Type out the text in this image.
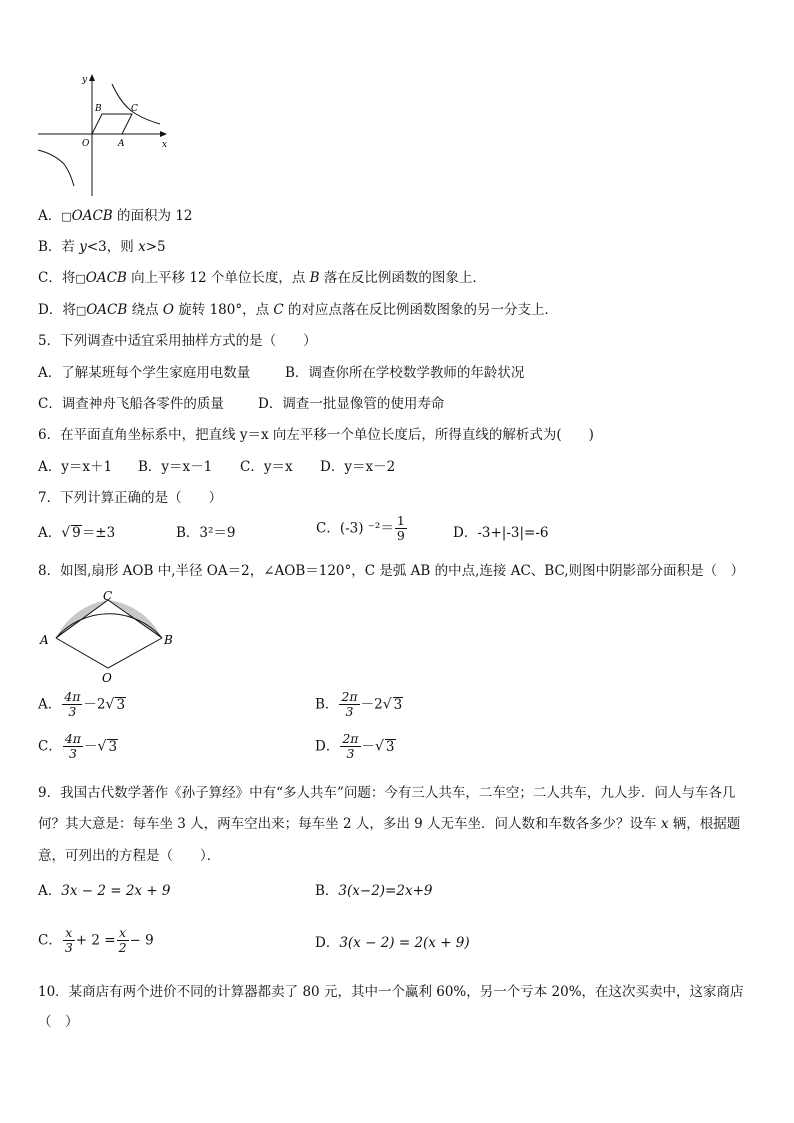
y
x
O	A
B	C
A．□OACB 的面积为 12
B．若 y<3，则 x>5
C．将□OACB 向上平移 12 个单位长度，点 B 落在反比例函数的图象上．
D．将□OACB 绕点 O 旋转 180°，点 C 的对应点落在反比例函数图象的另一分支上．
5．下列调查中适宜采用抽样方式的是（　　）
A．了解某班每个学生家庭用电数量	B．调查你所在学校数学教师的年龄状况
C．调查神舟飞船各零件的质量	D．调查一批显像管的使用寿命
6．在平面直角坐标系中，把直线 y＝x 向左平移一个单位长度后，所得直线的解析式为(　　)
A．y＝x＋1 B．y＝x－1 C．y＝x D．y＝x－2
7．下列计算正确的是（　　）
A．√ 9＝±3	B．3²＝9	C．(-3) $^{-2}= \frac{1}{9}$	D．-3+|-3|=-6
8．如图,扇形 AOB 中,半径 OA＝2，∠AOB＝120°，C 是弧 AB 的中点,连接 AC、BC,则图中阴影部分面积是（　）
A	B
C
O
A． $\frac{4\pi}{3} -2√$ 3	B． $\frac{2\pi}{3} -2√$ 3
C． $\frac{4\pi}{3}$ －√ 3	D． $\frac{2\pi}{3}$ －√ 3
9．我国古代数学著作《孙子算经》中有“多人共车”问题：今有三人共车，二车空；二人共车，九人步．问人与车各几
何？其大意是：每车坐 3 人，两车空出来；每车坐 2 人，多出 9 人无车坐．问人数和车数各多少？设车 x 辆，根据题
意，可列出的方程是（　　）．
A．3x − 2 = 2x + 9	B．3(x−2)=2x+9
C． $\frac{x}{3} + 2 = \frac{x}{2} - 9$	D．3(x − 2) = 2(x + 9)
10．某商店有两个进价不同的计算器都卖了 80 元，其中一个赢利 60%，另一个亏本 20%，在这次买卖中，这家商店
（　）
